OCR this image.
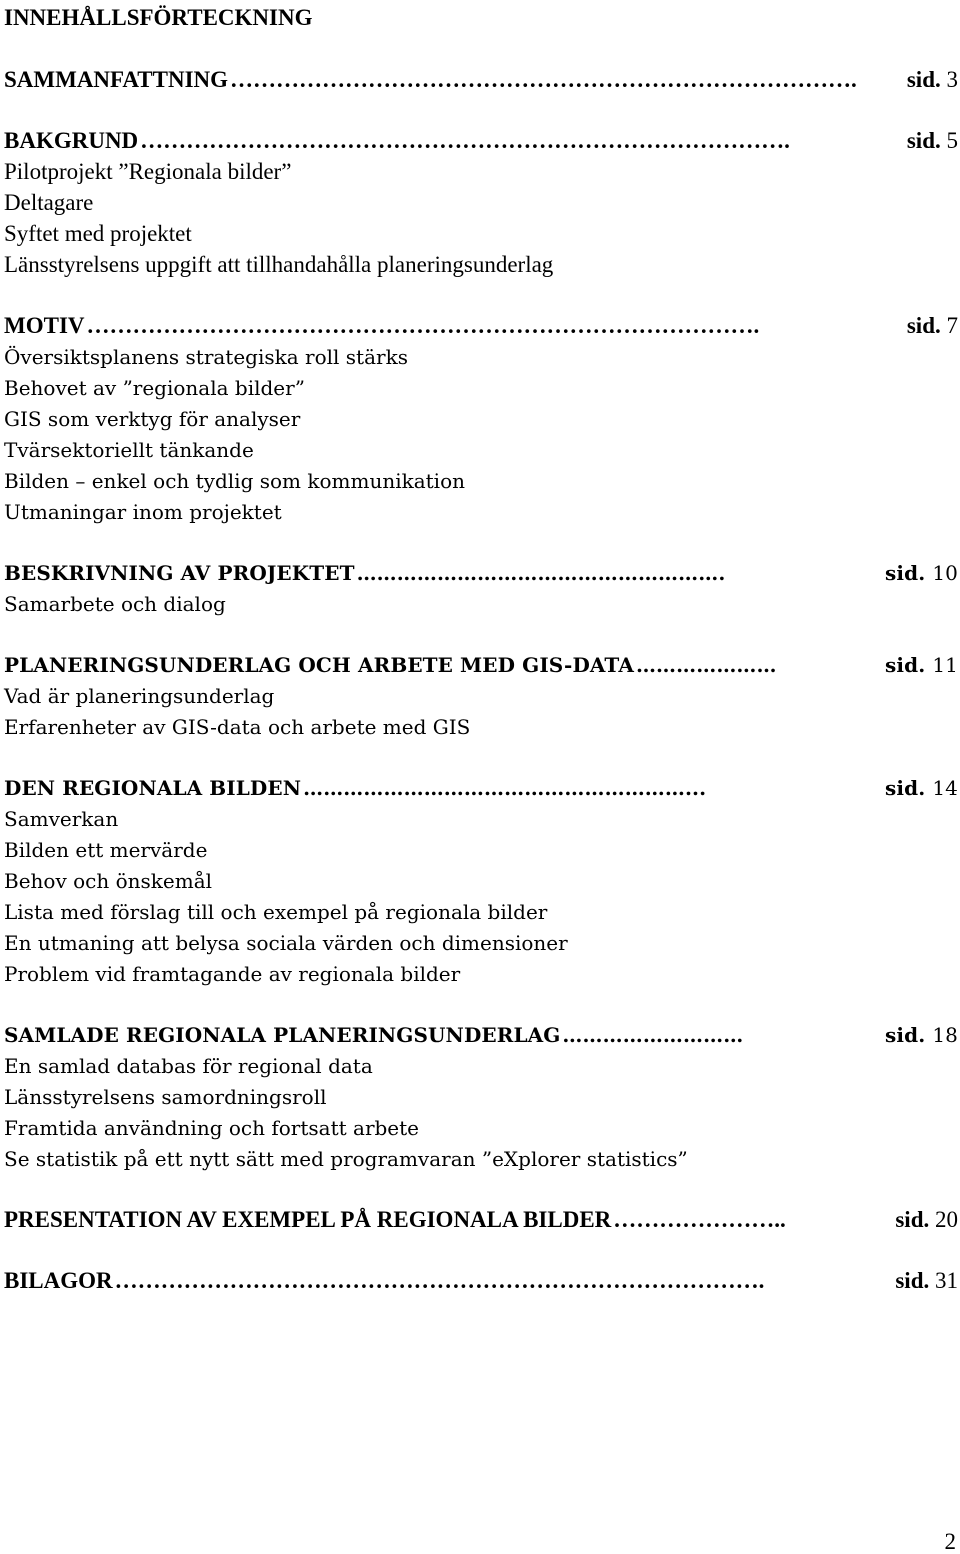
INNEHÅLLSFÖRTECKNING
SAMMANFATTNING ……………………………………………………………………….	sid. 3
BAKGRUND ………………………………………………………………………….	sid. 5
Pilotprojekt ”Regionala bilder”
Deltagare
Syftet med projektet
Länsstyrelsens uppgift att tillhandahålla planeringsunderlag
MOTIV …………………………………………………………………………….	sid. 7
Översiktsplanens strategiska roll stärks
Behovet av ”regionala bilder”
GIS som verktyg för analyser
Tvärsektoriellt tänkande
Bilden – enkel och tydlig som kommunikation
Utmaningar inom projektet
BESKRIVNING AV PROJEKTET ……………………………………………….	sid. 10
Samarbete och dialog
PLANERINGSUNDERLAG OCH ARBETE MED GIS-DATA …………………	sid. 11
Vad är planeringsunderlag
Erfarenheter av GIS-data och arbete med GIS
DEN REGIONALA BILDEN …………………………………………………...	sid. 14
Samverkan
Bilden ett mervärde
Behov och önskemål
Lista med förslag till och exempel på regionala bilder
En utmaning att belysa sociala värden och dimensioner
Problem vid framtagande av regionala bilder
SAMLADE REGIONALA PLANERINGSUNDERLAG ………………………	sid. 18
En samlad databas för regional data
Länsstyrelsens samordningsroll
Framtida användning och fortsatt arbete
Se statistik på ett nytt sätt med programvaran ”eXplorer statistics”
PRESENTATION AV EXEMPEL PÅ REGIONALA BILDER …………………..	sid. 20
BILAGOR ………………………………………………………………………….	sid. 31
2
